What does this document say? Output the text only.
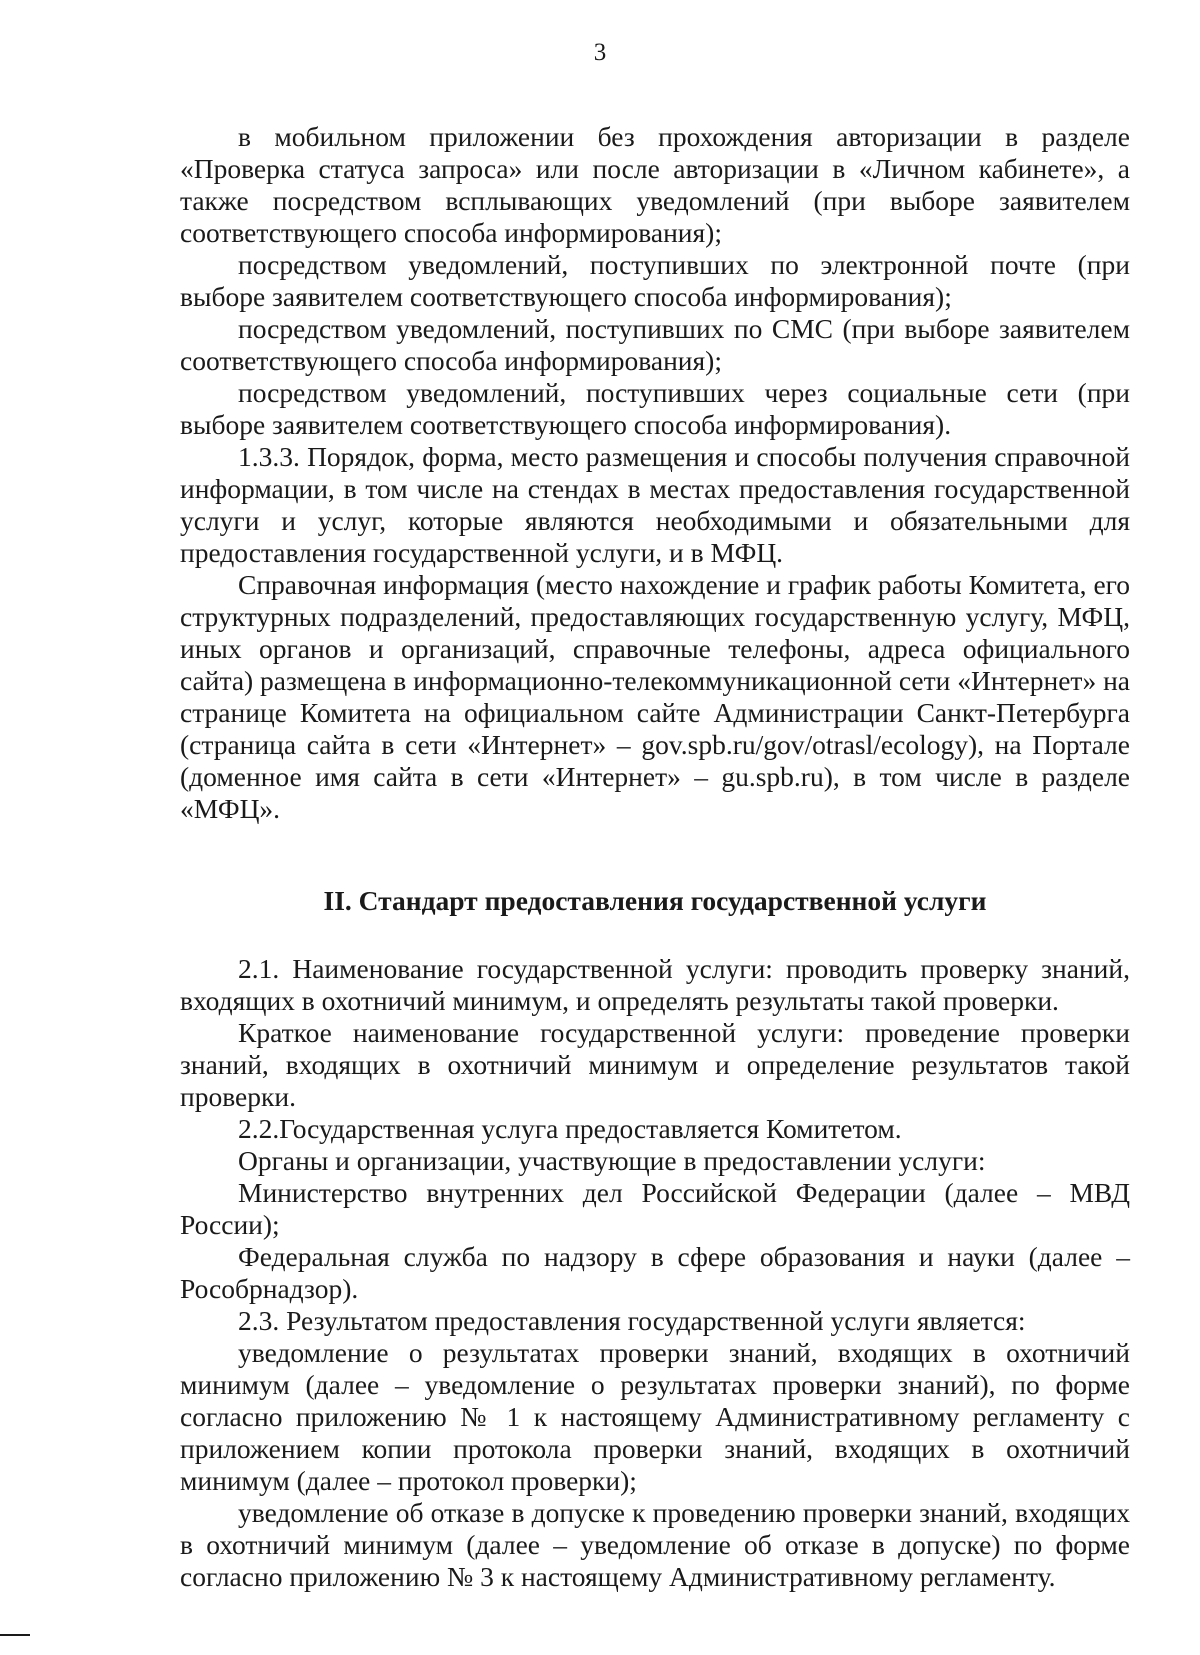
3

в мобильном приложении без прохождения авторизации в разделе «Проверка статуса запроса» или после авторизации в «Личном кабинете», а также посредством всплывающих уведомлений (при выборе заявителем соответствующего способа информирования);

посредством уведомлений, поступивших по электронной почте (при выборе заявителем соответствующего способа информирования);

посредством уведомлений, поступивших по СМС (при выборе заявителем соответствующего способа информирования);

посредством уведомлений, поступивших через социальные сети (при выборе заявителем соответствующего способа информирования).

1.3.3. Порядок, форма, место размещения и способы получения справочной информации, в том числе на стендах в местах предоставления государственной услуги и услуг, которые являются необходимыми и обязательными для предоставления государственной услуги, и в МФЦ.

Справочная информация (место нахождение и график работы Комитета, его структурных подразделений, предоставляющих государственную услугу, МФЦ, иных органов и организаций, справочные телефоны, адреса официального сайта) размещена в информационно-телекоммуникационной сети «Интернет» на странице Комитета на официальном сайте Администрации Санкт-Петербурга (страница сайта в сети «Интернет» – gov.spb.ru/gov/otrasl/ecology), на Портале (доменное имя сайта в сети «Интернет» – gu.spb.ru), в том числе в разделе «МФЦ».

II. Стандарт предоставления государственной услуги

2.1. Наименование государственной услуги: проводить проверку знаний, входящих в охотничий минимум, и определять результаты такой проверки.

Краткое наименование государственной услуги: проведение проверки знаний, входящих в охотничий минимум и определение результатов такой проверки.

2.2.Государственная услуга предоставляется Комитетом.

Органы и организации, участвующие в предоставлении услуги:

Министерство внутренних дел Российской Федерации (далее – МВД России);

Федеральная служба по надзору в сфере образования и науки (далее – Рособрнадзор).

2.3. Результатом предоставления государственной услуги является:

уведомление о результатах проверки знаний, входящих в охотничий минимум (далее – уведомление о результатах проверки знаний), по форме согласно приложению № 1 к настоящему Административному регламенту с приложением копии протокола проверки знаний, входящих в охотничий минимум (далее – протокол проверки);

уведомление об отказе в допуске к проведению проверки знаний, входящих в охотничий минимум (далее – уведомление об отказе в допуске) по форме согласно приложению № 3 к настоящему Административному регламенту.
